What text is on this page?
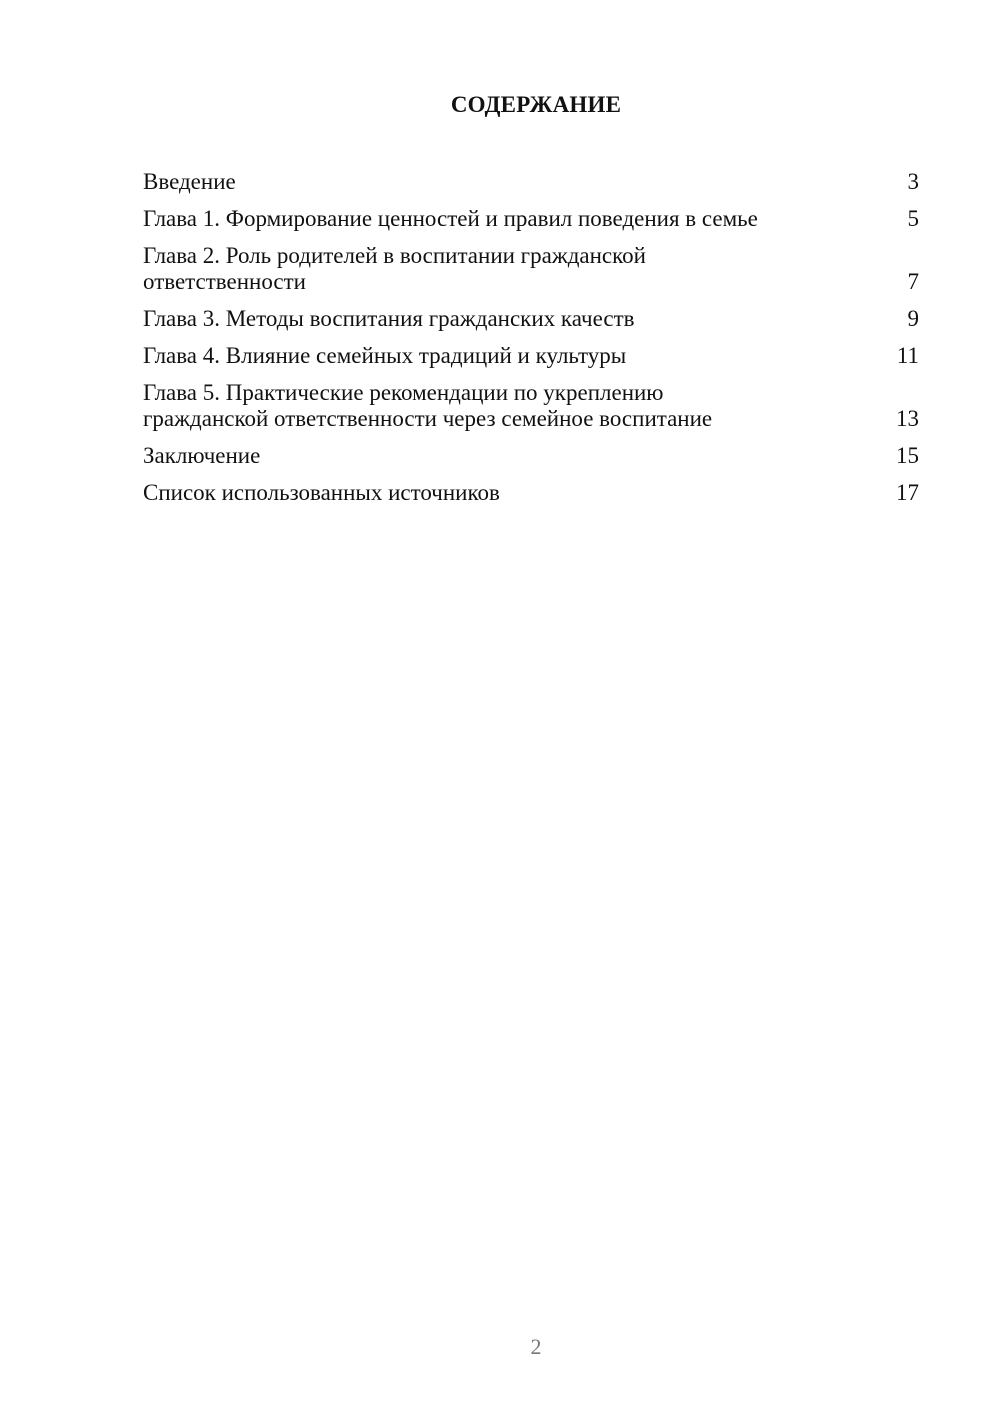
СОДЕРЖАНИЕ
Введение	3
Глава 1. Формирование ценностей и правил поведения в семье	5
Глава 2. Роль родителей в воспитании гражданской
ответственности	7
Глава 3. Методы воспитания гражданских качеств	9
Глава 4. Влияние семейных традиций и культуры	11
Глава 5. Практические рекомендации по укреплению
гражданской ответственности через семейное воспитание	13
Заключение	15
Список использованных источников	17
2
